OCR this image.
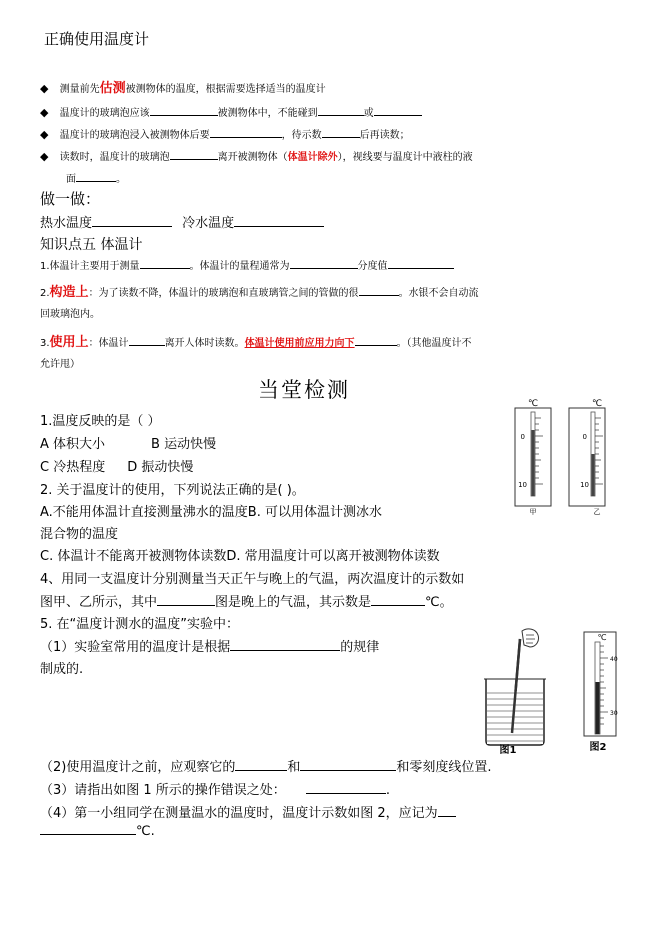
正确使用温度计
◆ 测量前先估测被测物体的温度，根据需要选择适当的温度计
◆ 温度计的玻璃泡应该	被测物体中，不能碰到	或
◆ 温度计的玻璃泡浸入被测物体后要	，待示数	后再读数；
◆ 读数时，温度计的玻璃泡	离开被测物体（体温计除外），视线要与温度计中液柱的液
面	。
做一做：
热水温度	冷水温度
知识点五 体温计
1.体温计主要用于测量	。体温计的量程通常为	分度值
2.构造上：为了读数不降，体温计的玻璃泡和直玻璃管之间的管做的很	。水银不会自动流
回玻璃泡内。
3.使用上：体温计	离开人体时读数。体温计使用前应用力向下	。（其他温度计不
允许甩）
当堂检测
1.温度反映的是（ ）
A 体积大小	B 运动快慢
C 冷热程度 D 振动快慢
2. 关于温度计的使用，下列说法正确的是( )。
A.不能用体温计直接测量沸水的温度B. 可以用体温计测冰水
混合物的温度
C. 体温计不能离开被测物体读数D. 常用温度计可以离开被测物体读数
4、用同一支温度计分别测量当天正午与晚上的气温，两次温度计的示数如
图甲、乙所示，其中	图是晚上的气温，其示数是	℃。
5. 在“温度计测水的温度”实验中：
（1）实验室常用的温度计是根据	的规律
制成的.
（2)使用温度计之前，应观察它的	和	和零刻度线位置.
（3）请指出如图 1 所示的操作错误之处：	.
（4）第一小组同学在测量温水的温度时，温度计示数如图 2，应记为
℃.
℃
0
10
甲
℃
0
10
乙
图1
℃
40
30
图2
